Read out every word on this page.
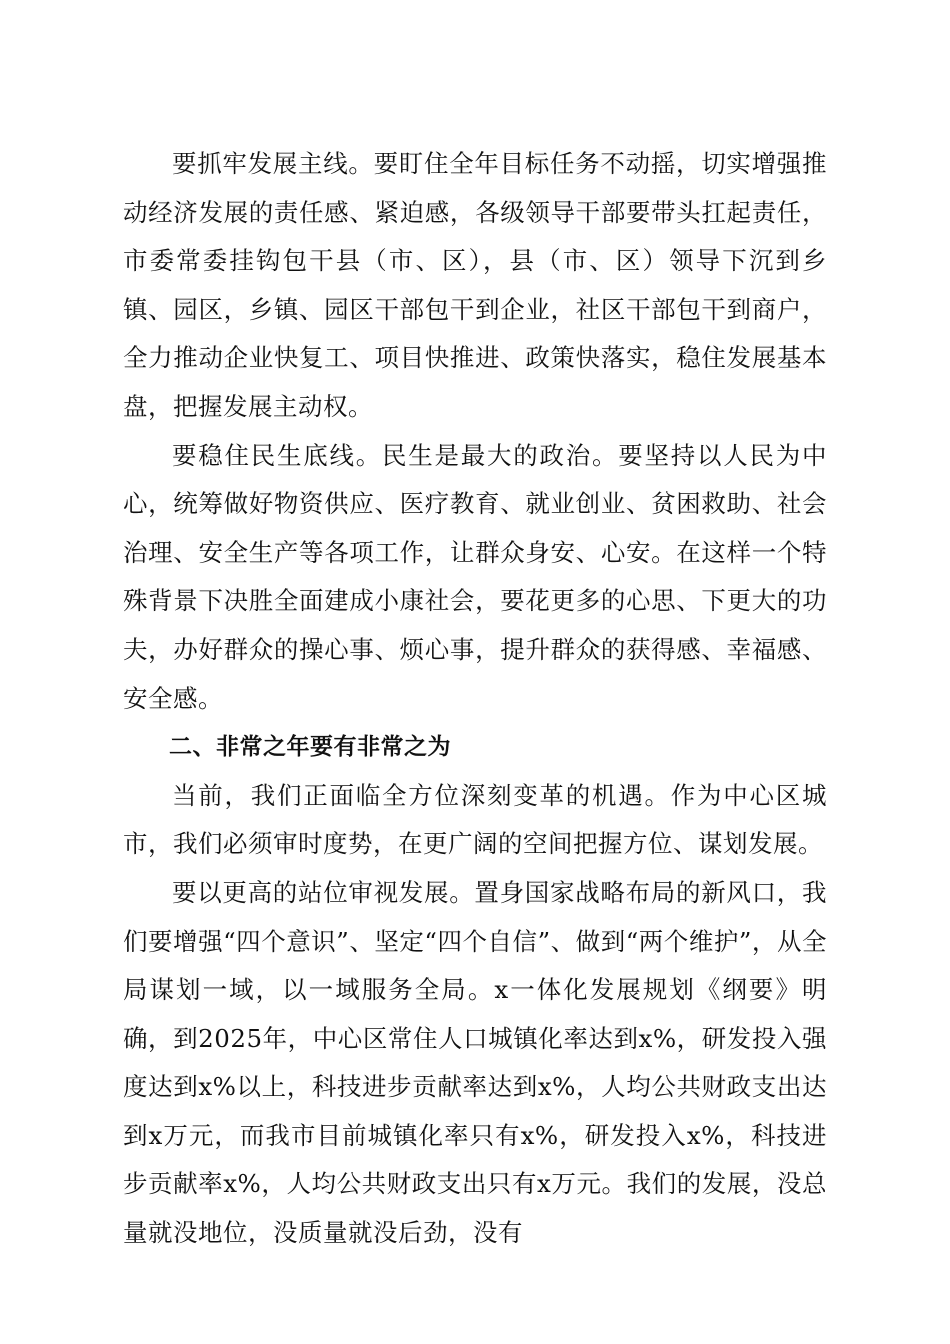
要抓牢发展主线。要盯住全年目标任务不动摇，切实增强推动经济发展的责任感、紧迫感，各级领导干部要带头扛起责任，市委常委挂钩包干县（市、区），县（市、区）领导下沉到乡镇、园区，乡镇、园区干部包干到企业，社区干部包干到商户，全力推动企业快复工、项目快推进、政策快落实，稳住发展基本盘，把握发展主动权。

要稳住民生底线。民生是最大的政治。要坚持以人民为中心，统筹做好物资供应、医疗教育、就业创业、贫困救助、社会治理、安全生产等各项工作，让群众身安、心安。在这样一个特殊背景下决胜全面建成小康社会，要花更多的心思、下更大的功夫，办好群众的操心事、烦心事，提升群众的获得感、幸福感、安全感。

二、非常之年要有非常之为

当前，我们正面临全方位深刻变革的机遇。作为中心区城市，我们必须审时度势，在更广阔的空间把握方位、谋划发展。

要以更高的站位审视发展。置身国家战略布局的新风口，我们要增强“四个意识”、坚定“四个自信”、做到“两个维护”，从全局谋划一域，以一域服务全局。x一体化发展规划《纲要》明确，到2025年，中心区常住人口城镇化率达到x%，研发投入强度达到x%以上，科技进步贡献率达到x%，人均公共财政支出达到x万元，而我市目前城镇化率只有x%，研发投入x%，科技进步贡献率x%，人均公共财政支出只有x万元。我们的发展，没总量就没地位，没质量就没后劲，没有
